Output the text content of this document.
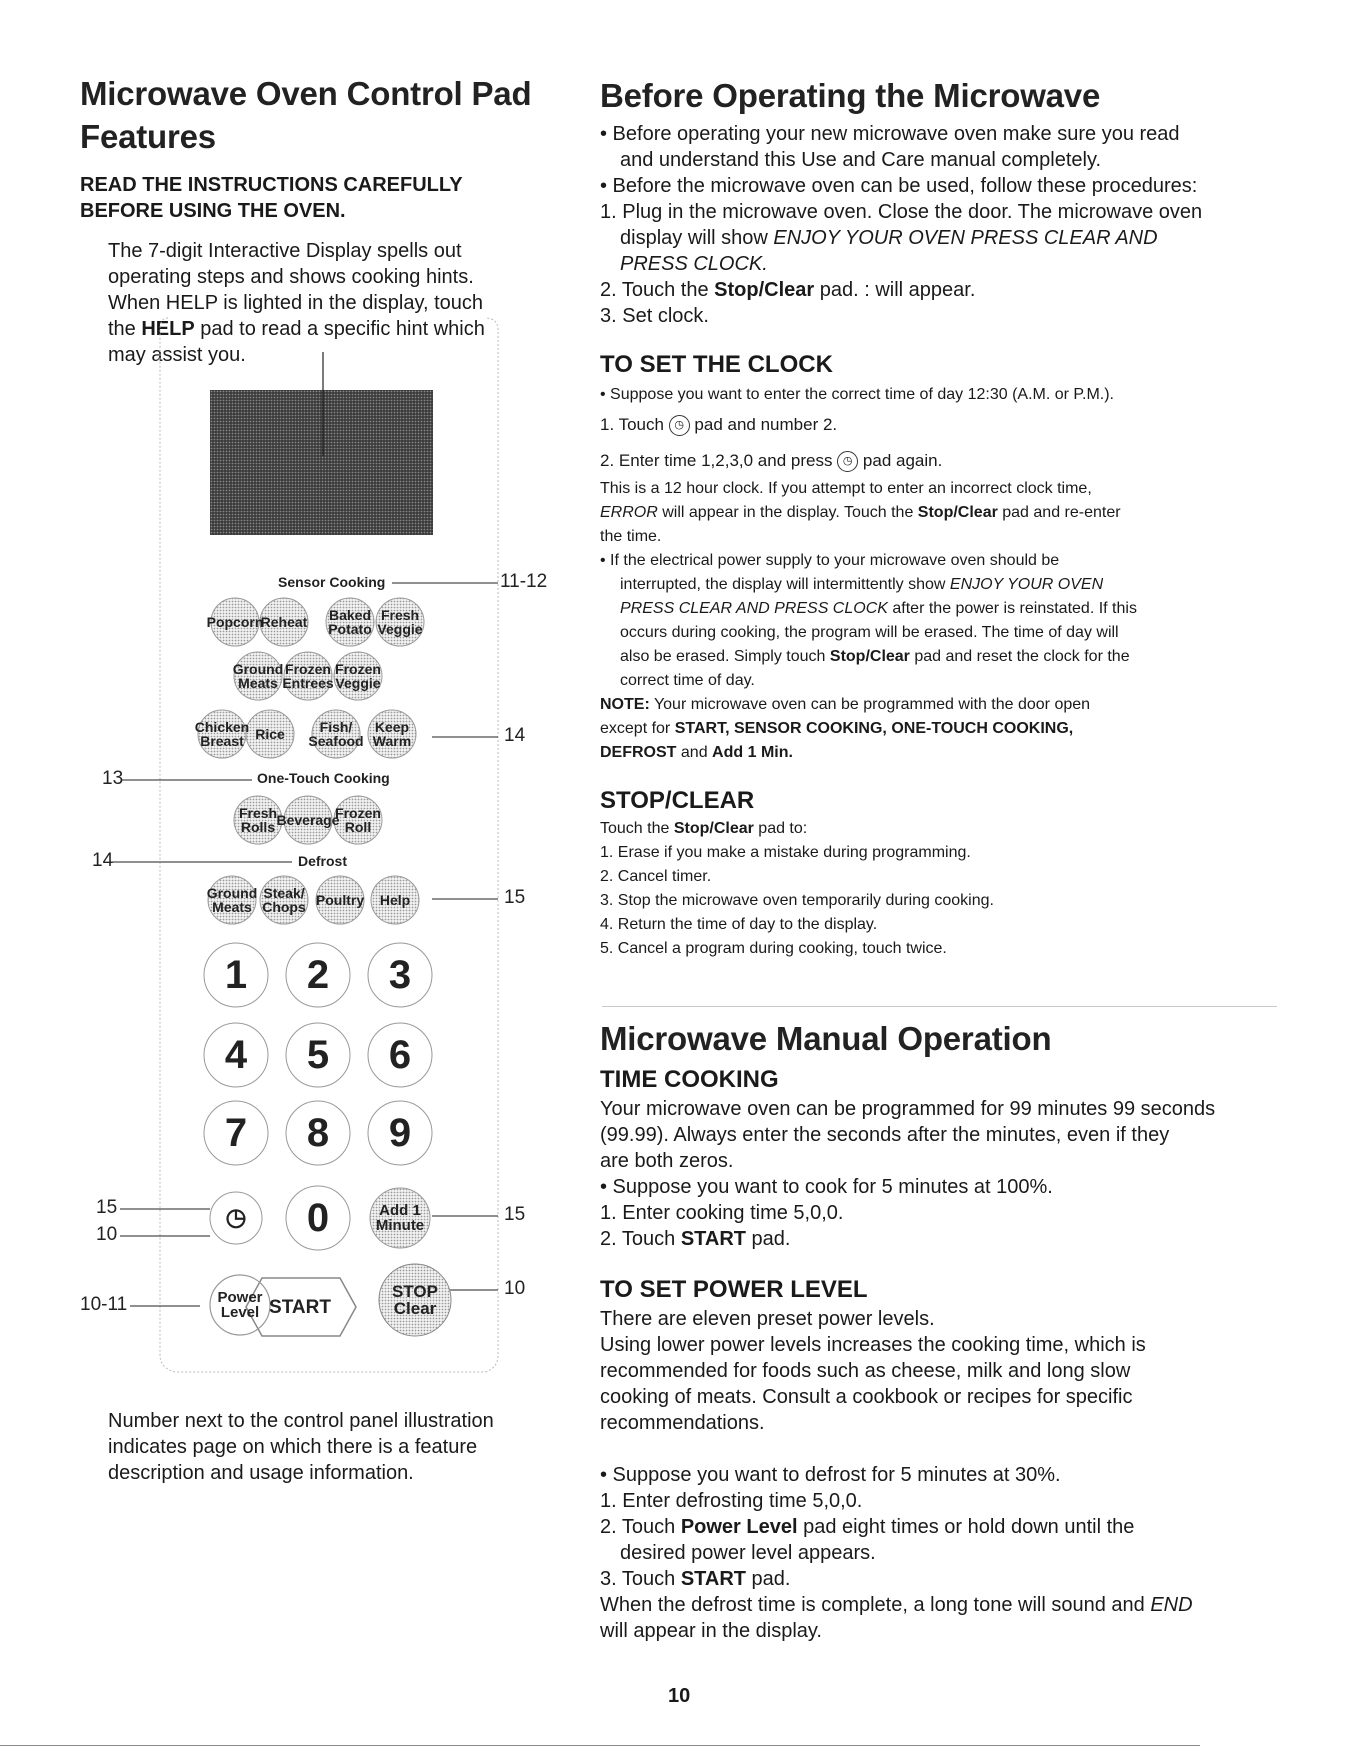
Microwave Oven Control Pad
Features
READ THE INSTRUCTIONS CAREFULLY
BEFORE USING THE OVEN.
The 7-digit Interactive Display spells out
operating steps and shows cooking hints.
When HELP is lighted in the display, touch
the HELP pad to read a specific hint which
may assist you.
Sensor Cooking
One-Touch Cooking
Defrost
Popcorn
Reheat Baked
Potato
Fresh
Veggie
Ground
Meats
Frozen
Entrees
Frozen
Veggie
Chicken
Breast Rice Fish/
Seafood
Keep
Warm
Fresh
Rolls Beverage
Frozen
Roll
Ground
Meats
Steak/
Chops Poultry Help
1 2 3
4 5 6
7 8 9
0
◷	Add 1
Minute
Power
Level START
STOP
Clear
11-12
14
13
14
15
15
10
15
10-11
10
Number next to the control panel illustration
indicates page on which there is a feature
description and usage information.
Before Operating the Microwave
• Before operating your new microwave oven make sure you read
and understand this Use and Care manual completely.
• Before the microwave oven can be used, follow these procedures:
1. Plug in the microwave oven. Close the door. The microwave oven
display will show ENJOY YOUR OVEN PRESS CLEAR AND
PRESS CLOCK.
2. Touch the Stop/Clear pad. : will appear.
3. Set clock.
TO SET THE CLOCK
• Suppose you want to enter the correct time of day 12:30 (A.M. or P.M.).
1. Touch ◷ pad and number 2.
2. Enter time 1,2,3,0 and press ◷ pad again.
This is a 12 hour clock. If you attempt to enter an incorrect clock time,
ERROR will appear in the display. Touch the Stop/Clear pad and re-enter
the time.
• If the electrical power supply to your microwave oven should be
interrupted, the display will intermittently show ENJOY YOUR OVEN
PRESS CLEAR AND PRESS CLOCK after the power is reinstated. If this
occurs during cooking, the program will be erased. The time of day will
also be erased. Simply touch Stop/Clear pad and reset the clock for the
correct time of day.
NOTE: Your microwave oven can be programmed with the door open
except for START, SENSOR COOKING, ONE-TOUCH COOKING,
DEFROST and Add 1 Min.
STOP/CLEAR
Touch the Stop/Clear pad to:
1. Erase if you make a mistake during programming.
2. Cancel timer.
3. Stop the microwave oven temporarily during cooking.
4. Return the time of day to the display.
5. Cancel a program during cooking, touch twice.
Microwave Manual Operation
TIME COOKING
Your microwave oven can be programmed for 99 minutes 99 seconds
(99.99). Always enter the seconds after the minutes, even if they
are both zeros.
• Suppose you want to cook for 5 minutes at 100%.
1. Enter cooking time 5,0,0.
2. Touch START pad.
TO SET POWER LEVEL
There are eleven preset power levels.
Using lower power levels increases the cooking time, which is
recommended for foods such as cheese, milk and long slow
cooking of meats. Consult a cookbook or recipes for specific
recommendations.
• Suppose you want to defrost for 5 minutes at 30%.
1. Enter defrosting time 5,0,0.
2. Touch Power Level pad eight times or hold down until the
desired power level appears.
3. Touch START pad.
When the defrost time is complete, a long tone will sound and END
will appear in the display.
10
